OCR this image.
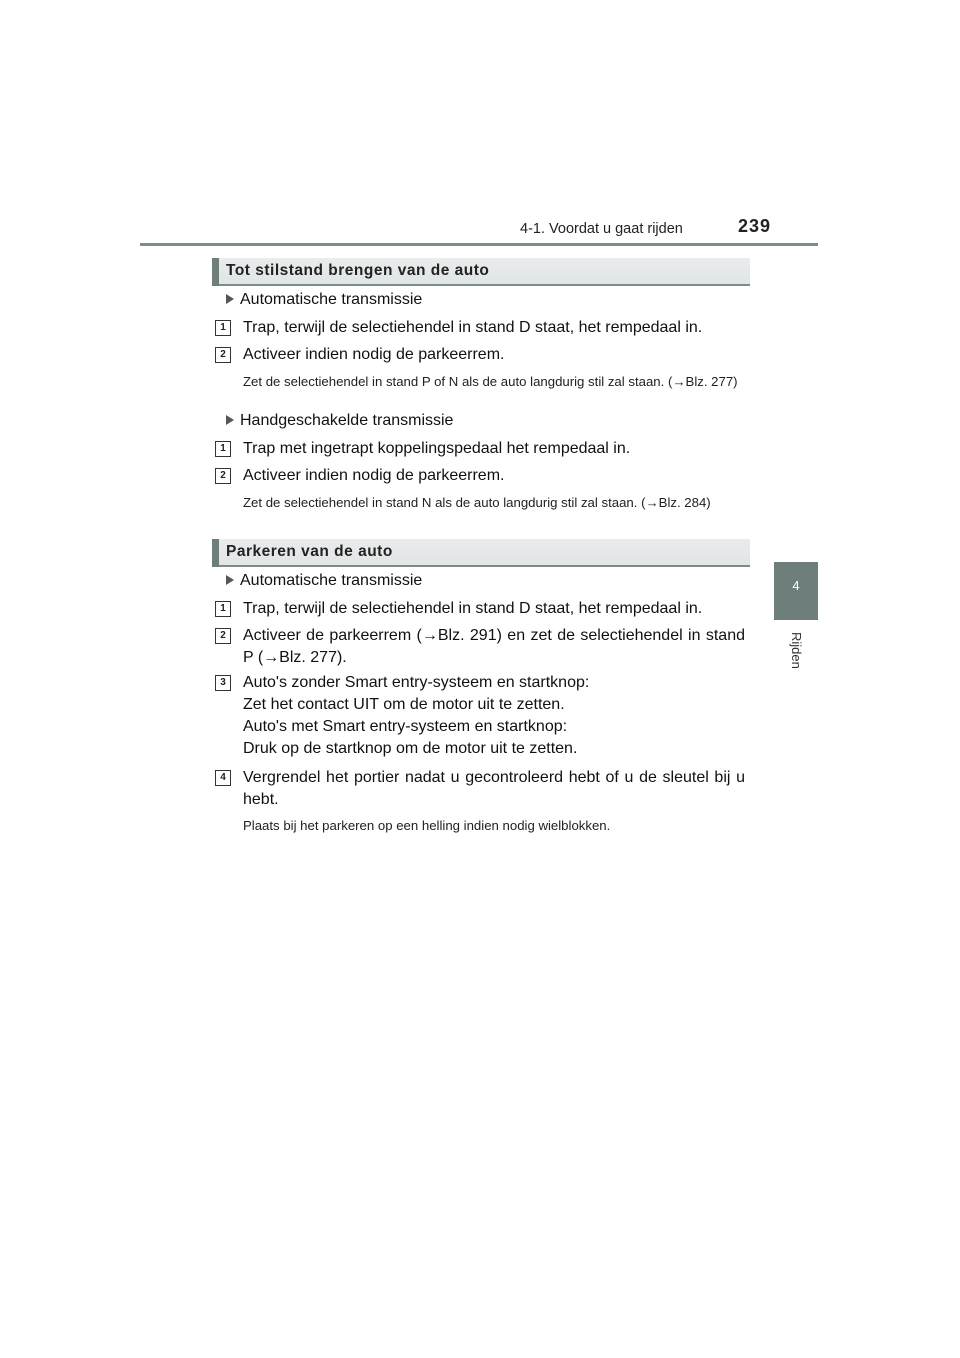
4-1. Voordat u gaat rijden	239
4
Rijden
Tot stilstand brengen van de auto
Automatische transmissie
1	Trap, terwijl de selectiehendel in stand D staat, het rempedaal in.
2	Activeer indien nodig de parkeerrem.
Zet de selectiehendel in stand P of N als de auto langdurig stil zal staan. (→Blz. 277)
Handgeschakelde transmissie
1	Trap met ingetrapt koppelingspedaal het rempedaal in.
2	Activeer indien nodig de parkeerrem.
Zet de selectiehendel in stand N als de auto langdurig stil zal staan. (→Blz. 284)
Parkeren van de auto
Automatische transmissie
1	Trap, terwijl de selectiehendel in stand D staat, het rempedaal in.
2	Activeer de parkeerrem (→Blz. 291) en zet de selectiehendel in stand P (→Blz. 277).
3	Auto's zonder Smart entry-systeem en startknop:
Zet het contact UIT om de motor uit te zetten.
Auto's met Smart entry-systeem en startknop:
Druk op de startknop om de motor uit te zetten.
4	Vergrendel het portier nadat u gecontroleerd hebt of u de sleutel bij u hebt.
Plaats bij het parkeren op een helling indien nodig wielblokken.
